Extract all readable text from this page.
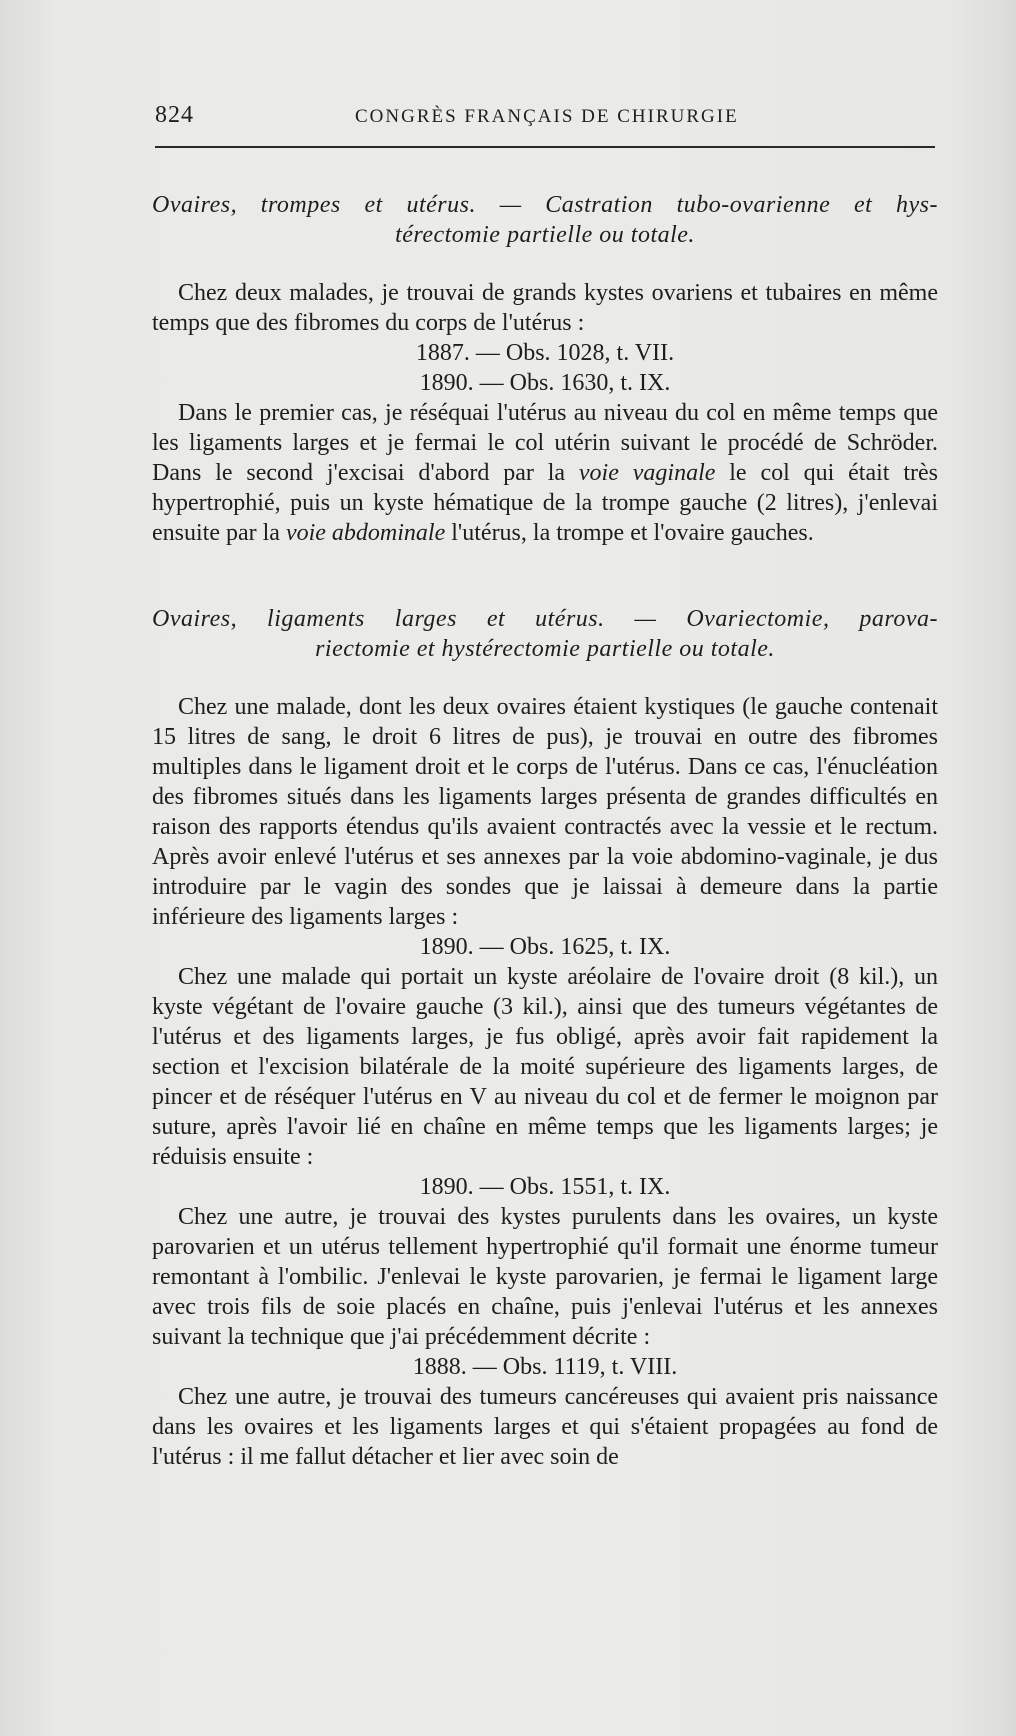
824	CONGRÈS FRANÇAIS DE CHIRURGIE
Ovaires, trompes et utérus. — Castration tubo-ovarienne et hys-
térectomie partielle ou totale.

Chez deux malades, je trouvai de grands kystes ovariens et tubaires en même temps que des fibromes du corps de l'utérus :

1887. — Obs. 1028, t. VII.

1890. — Obs. 1630, t. IX.

Dans le premier cas, je réséquai l'utérus au niveau du col en même temps que les ligaments larges et je fermai le col utérin suivant le procédé de Schröder. Dans le second j'excisai d'abord par la voie vaginale le col qui était très hypertrophié, puis un kyste hématique de la trompe gauche (2 litres), j'enlevai ensuite par la voie abdominale l'utérus, la trompe et l'ovaire gauches.

Ovaires, ligaments larges et utérus. — Ovariectomie, parova-
riectomie et hystérectomie partielle ou totale.

Chez une malade, dont les deux ovaires étaient kystiques (le gauche contenait 15 litres de sang, le droit 6 litres de pus), je trouvai en outre des fibromes multiples dans le ligament droit et le corps de l'utérus. Dans ce cas, l'énucléation des fibromes situés dans les ligaments larges présenta de grandes difficultés en raison des rapports étendus qu'ils avaient contractés avec la vessie et le rectum. Après avoir enlevé l'utérus et ses annexes par la voie abdomino-vaginale, je dus introduire par le vagin des sondes que je laissai à demeure dans la partie inférieure des ligaments larges :

1890. — Obs. 1625, t. IX.

Chez une malade qui portait un kyste aréolaire de l'ovaire droit (8 kil.), un kyste végétant de l'ovaire gauche (3 kil.), ainsi que des tumeurs végétantes de l'utérus et des ligaments larges, je fus obligé, après avoir fait rapidement la section et l'excision bilatérale de la moité supérieure des ligaments larges, de pincer et de réséquer l'utérus en V au niveau du col et de fermer le moignon par suture, après l'avoir lié en chaîne en même temps que les ligaments larges; je réduisis ensuite :

1890. — Obs. 1551, t. IX.

Chez une autre, je trouvai des kystes purulents dans les ovaires, un kyste parovarien et un utérus tellement hypertrophié qu'il formait une énorme tumeur remontant à l'ombilic. J'enlevai le kyste parovarien, je fermai le ligament large avec trois fils de soie placés en chaîne, puis j'enlevai l'utérus et les annexes suivant la technique que j'ai précédemment décrite :

1888. — Obs. 1119, t. VIII.

Chez une autre, je trouvai des tumeurs cancéreuses qui avaient pris naissance dans les ovaires et les ligaments larges et qui s'étaient propagées au fond de l'utérus : il me fallut détacher et lier avec soin de
